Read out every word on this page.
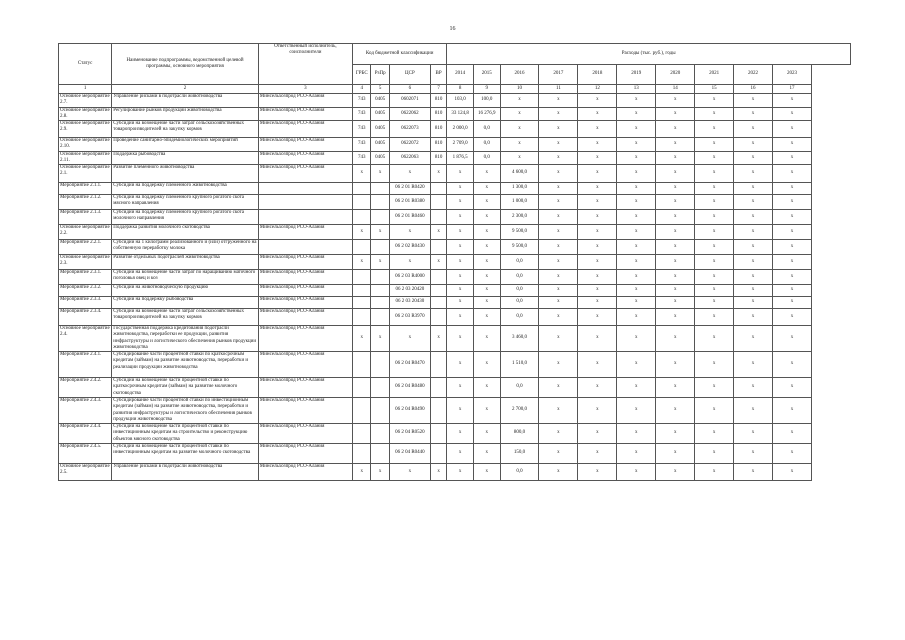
16
Статус	Наименование подпрограммы, ведомственной целевой программы, основного мероприятия	Ответственный исполнитель, соисполнители	Код бюджетной классификации				Расходы (тыс. руб.), годы									
			ГРБС	РзПр	ЦСР	ВР	2014	2015	2016	2017	2018	2019	2020	2021	2022	2023
1	2	3	4	5	6	7	8	9	10	11	12	13	14	15	16	17
Основное мероприятие 2.7.	Управление рисками в подотрасли животноводства	Минсельхозпрод РСО-Алания	743	0405	0602071	810	103,0	100,0	x	x	x	x	x	x	x	x
Основное мероприятие 2.8.	Регулирование рынков продукции животноводства	Минсельхозпрод РСО-Алания	743	0405	0622062	810	33 124,8	16 276,9	x	x	x	x	x	x	x	x
Основное мероприятие 2.9.	Субсидии на возмещение части затрат сельскохозяйственных товаропроизводителей на закупку кормов	Минсельхозпрод РСО-Алания	743	0405	0622073	810	2 000,0	0,0	x	x	x	x	x	x	x	x
Основное мероприятие 2.10.	Проведение санитарно-эпидемиологических мероприятий	Минсельхозпрод РСО-Алания	743	0405	0622072	810	2 709,0	0,0	x	x	x	x	x	x	x	x
Основное мероприятие 2.11.	Поддержка рыбоводства	Минсельхозпрод РСО-Алания	743	0405	0622063	810	1 876,5	0,0	x	x	x	x	x	x	x	x
Основное мероприятие 2.1.	Развитие племенного животноводства	Минсельхозпрод РСО-Алания	x	x	x	x	x	x	4 600,0	x	x	x	x	x	x	x
Мероприятие 2.1.1.	Субсидии на поддержку племенного животноводства				06 2 01 R0420		x	x	1 300,0	x	x	x	x	x	x	x
Мероприятие 2.1.2.	Субсидии на поддержку племенного крупного рогатого скота мясного направления				06 2 01 R0380		x	x	1 000,0	x	x	x	x	x	x	x
Мероприятие 2.1.3.	Субсидии на поддержку племенного крупного рогатого скота молочного направления				06 2 01 R0460		x	x	2 300,0	x	x	x	x	x	x	x
Основное мероприятие 2.2.	Поддержка развития молочного скотоводства	Минсельхозпрод РСО-Алания	x	x	x	x	x	x	9 500,0	x	x	x	x	x	x	x
Мероприятие 2.2.1.	Субсидии на 1 килограмм реализованного и (или) отгруженного на собственную переработку молока				06 2 02 R0430		x	x	9 500,0	x	x	x	x	x	x	x
Основное мероприятие 2.3.	Развитие отдельных подотраслей животноводства	Минсельхозпрод РСО-Алания	x	x	x	x	x	x	0,0	x	x	x	x	x	x	x
Мероприятие 2.3.1.	Субсидии на возмещение части затрат по наращиванию маточного поголовья овец и коз	Минсельхозпрод РСО-Алания			06 2 03 R4000		x	x	0,0	x	x	x	x	x	x	x
Мероприятие 2.3.2.	Субсидии на животноводческую продукцию	Минсельхозпрод РСО-Алания			06 2 03 20420		x	x	0,0	x	x	x	x	x	x	x
Мероприятие 2.3.3.	Субсидии на поддержку рыбоводства	Минсельхозпрод РСО-Алания			06 2 03 20430		x	x	0,0	x	x	x	x	x	x	x
Мероприятие 2.3.4.	Субсидии на возмещение части затрат сельскохозяйственных товаропроизводителей на закупку кормов	Минсельхозпрод РСО-Алания			06 2 03 R3970		x	x	0,0	x	x	x	x	x	x	x
Основное мероприятие 2.4.	Государственная поддержка кредитования подотрасли животноводства, переработки ее продукции, развития инфраструктуры и логистического обеспечения рынков продукции животноводства	Минсельхозпрод РСО-Алания	x	x	x	x	x	x	3 460,0	x	x	x	x	x	x	x
Мероприятие 2.4.1.	Субсидирование части процентной ставки по краткосрочным кредитам (займам) на развитие животноводства, переработки и реализации продукции животноводства	Минсельхозпрод РСО-Алания			06 2 04 R0470		x	x	1 510,0	x	x	x	x	x	x	x
Мероприятие 2.4.2.	Субсидии на возмещение части процентной ставки по краткосрочным кредитам (займам) на развитие молочного скотоводства	Минсельхозпрод РСО-Алания			06 2 04 R0480		x	x	0,0	x	x	x	x	x	x	x
Мероприятие 2.4.3.	Субсидирование части процентной ставки по инвестиционным кредитам (займам) на развитие животноводства, переработки и развития инфраструктуры и логистического обеспечения рынков продукции животноводства	Минсельхозпрод РСО-Алания			06 2 04 R0490		x	x	2 700,0	x	x	x	x	x	x	x
Мероприятие 2.4.4.	Субсидии на возмещение части процентной ставки по инвестиционным кредитам на строительство и реконструкцию объектов мясного скотоводства	Минсельхозпрод РСО-Алания			06 2 04 R0520		x	x	800,0	x	x	x	x	x	x	x
Мероприятие 2.4.5.	Субсидии на возмещение части процентной ставки по инвестиционным кредитам на развитие молочного скотоводства	Минсельхозпрод РСО-Алания			06 2 04 R0440		x	x	150,0	x	x	x	x	x	x	x
Основное мероприятие 2.5.	Управление рисками в подотрасли животноводства	Минсельхозпрод РСО-Алания	x	x	x	x	x	x	0,0	x	x	x	x	x	x	x
